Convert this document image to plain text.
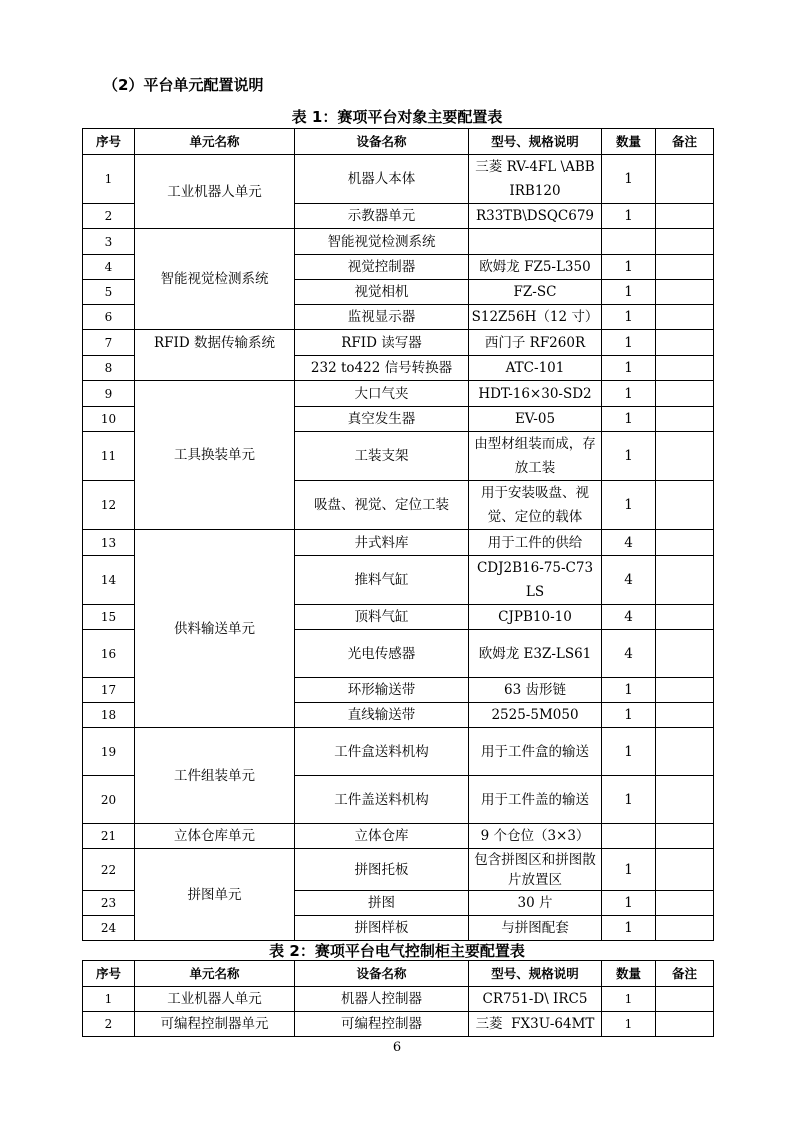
（2）平台单元配置说明
表 1：赛项平台对象主要配置表
序号	单元名称	设备名称	型号、规格说明	数量	备注
1	工业机器人单元	机器人本体	三菱 RV-4FL \ABB IRB120	1	
2		示教器单元	R33TB\DSQC679	1	
3	智能视觉检测系统	智能视觉检测系统			
4		视觉控制器	欧姆龙 FZ5-L350	1	
5		视觉相机	FZ-SC	1	
6		监视显示器	S12Z56H（12 寸）	1	
7	RFID 数据传输系统	RFID 读写器	西门子 RF260R	1	
8		232 to422 信号转换器	ATC-101	1	
9	工具换装单元	大口气夹	HDT-16×30-SD2	1	
10		真空发生器	EV-05	1	
11		工装支架	由型材组装而成，存放工装	1	
12		吸盘、视觉、定位工装	用于安装吸盘、视觉、定位的载体	1	
13	供料输送单元	井式料库	用于工件的供给	4	
14		推料气缸	CDJ2B16-75-C73 LS	4	
15		顶料气缸	CJPB10-10	4	
16		光电传感器	欧姆龙 E3Z-LS61	4	
17		环形输送带	63 齿形链	1	
18		直线输送带	2525-5M050	1	
19	工件组装单元	工件盒送料机构	用于工件盒的输送	1	
20		工件盖送料机构	用于工件盖的输送	1	
21	立体仓库单元	立体仓库	9 个仓位（3×3）		
22	拼图单元	拼图托板	包含拼图区和拼图散片放置区	1	
23		拼图	30 片	1	
24		拼图样板	与拼图配套	1	
表 2：赛项平台电气控制柜主要配置表
序号	单元名称	设备名称	型号、规格说明	数量	备注
1	工业机器人单元	机器人控制器	CR751-D\ IRC5	1	
2	可编程控制器单元	可编程控制器	三菱  FX3U-64MT	1	
6
